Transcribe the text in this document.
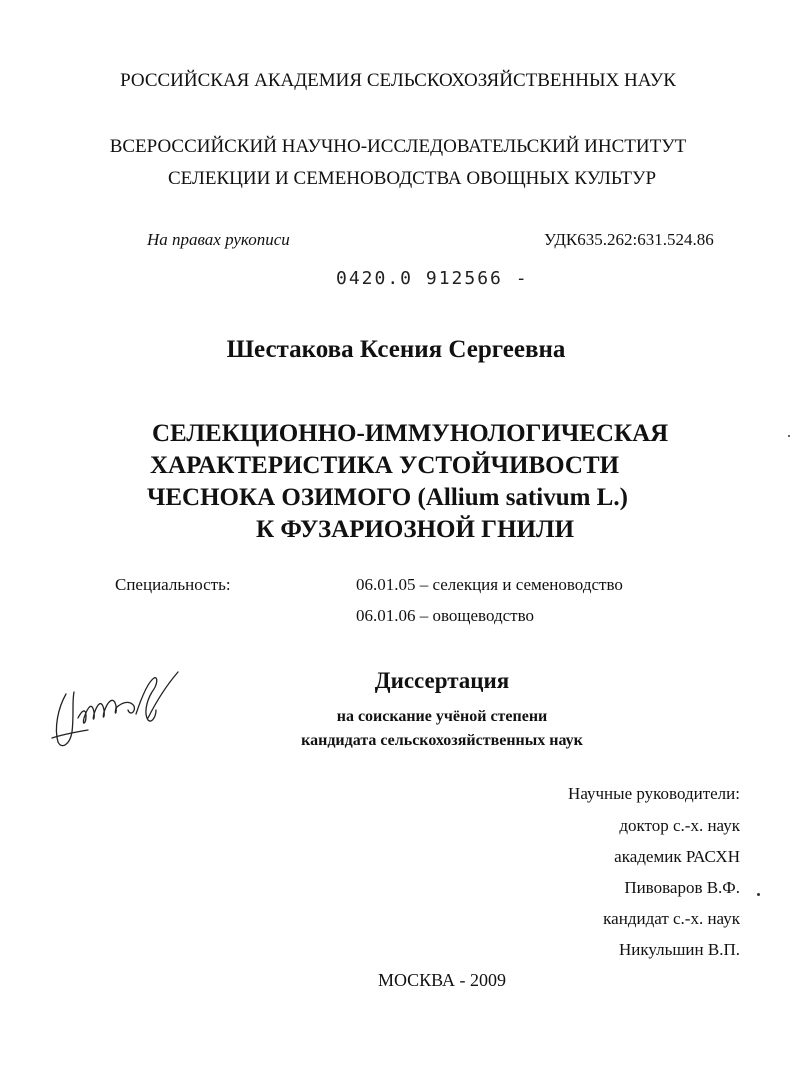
РОССИЙСКАЯ АКАДЕМИЯ СЕЛЬСКОХОЗЯЙСТВЕННЫХ НАУК
ВСЕРОССИЙСКИЙ НАУЧНО-ИССЛЕДОВАТЕЛЬСКИЙ ИНСТИТУТ
СЕЛЕКЦИИ И СЕМЕНОВОДСТВА ОВОЩНЫХ КУЛЬТУР
На правах рукописи	УДК635.262:631.524.86
0420.0 912566 -
Шестакова Ксения Сергеевна
СЕЛЕКЦИОННО-ИММУНОЛОГИЧЕСКАЯ
ХАРАКТЕРИСТИКА УСТОЙЧИВОСТИ
ЧЕСНОКА ОЗИМОГО (Allium sativum L.)
К ФУЗАРИОЗНОЙ ГНИЛИ
Специальность:	06.01.05 – селекция и семеноводство
06.01.06 – овощеводство
Диссертация
на соискание учёной степени
кандидата сельскохозяйственных наук
Научные руководители:
доктор с.-х. наук
академик РАСХН
Пивоваров В.Ф.
кандидат с.-х. наук
Никульшин В.П.
МОСКВА - 2009
